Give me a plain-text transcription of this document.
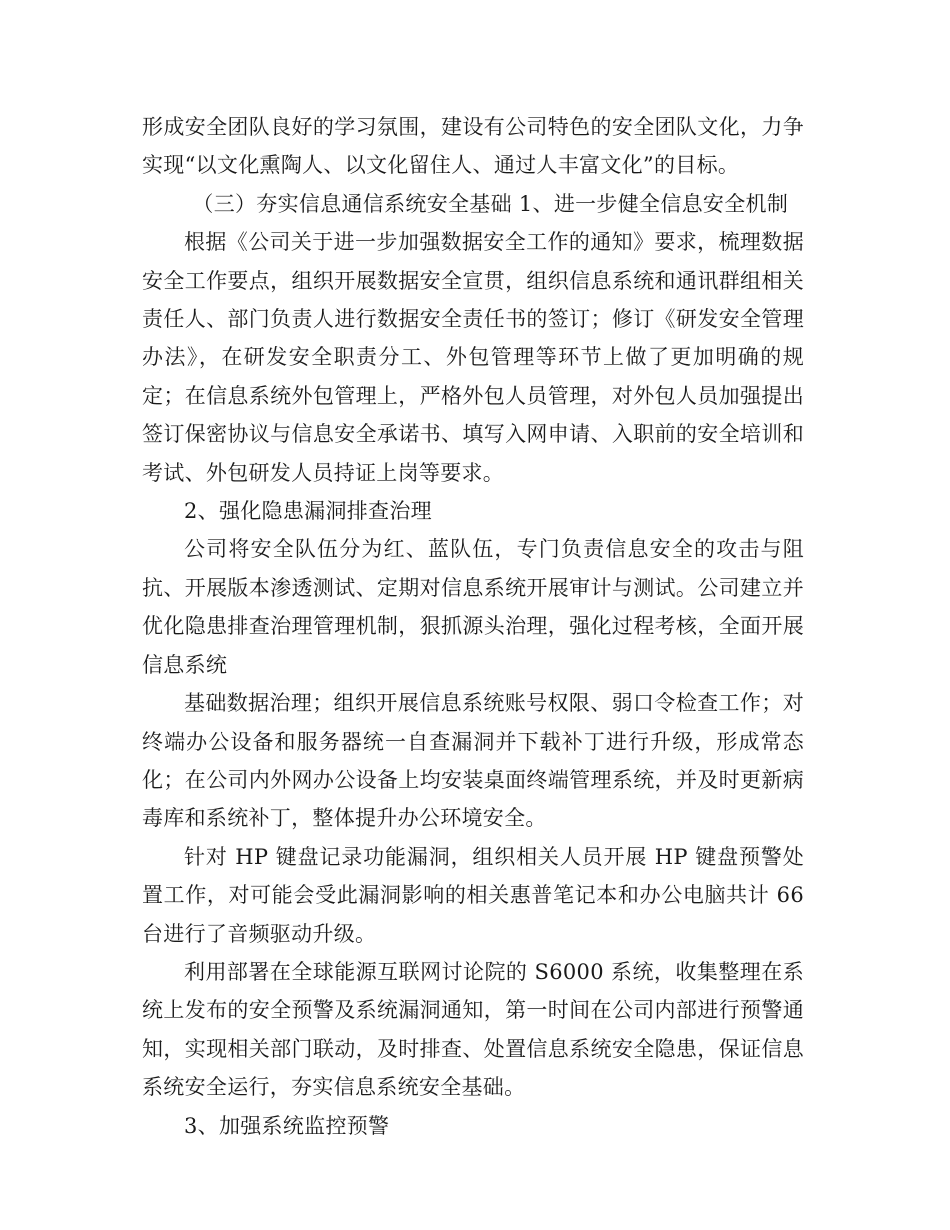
形成安全团队良好的学习氛围，建设有公司特色的安全团队文化，力争实现“以文化熏陶人、以文化留住人、通过人丰富文化”的目标。

（三）夯实信息通信系统安全基础 1、进一步健全信息安全机制

根据《公司关于进一步加强数据安全工作的通知》要求，梳理数据安全工作要点，组织开展数据安全宣贯，组织信息系统和通讯群组相关责任人、部门负责人进行数据安全责任书的签订；修订《研发安全管理办法》，在研发安全职责分工、外包管理等环节上做了更加明确的规定；在信息系统外包管理上，严格外包人员管理，对外包人员加强提出签订保密协议与信息安全承诺书、填写入网申请、入职前的安全培训和考试、外包研发人员持证上岗等要求。

2、强化隐患漏洞排查治理

公司将安全队伍分为红、蓝队伍，专门负责信息安全的攻击与阻抗、开展版本渗透测试、定期对信息系统开展审计与测试。公司建立并优化隐患排查治理管理机制，狠抓源头治理，强化过程考核，全面开展信息系统

基础数据治理；组织开展信息系统账号权限、弱口令检查工作；对终端办公设备和服务器统一自查漏洞并下载补丁进行升级，形成常态化；在公司内外网办公设备上均安装桌面终端管理系统，并及时更新病毒库和系统补丁，整体提升办公环境安全。

针对 HP 键盘记录功能漏洞，组织相关人员开展 HP 键盘预警处置工作，对可能会受此漏洞影响的相关惠普笔记本和办公电脑共计 66 台进行了音频驱动升级。

利用部署在全球能源互联网讨论院的 S6000 系统，收集整理在系统上发布的安全预警及系统漏洞通知，第一时间在公司内部进行预警通知，实现相关部门联动，及时排查、处置信息系统安全隐患，保证信息系统安全运行，夯实信息系统安全基础。

3、加强系统监控预警
